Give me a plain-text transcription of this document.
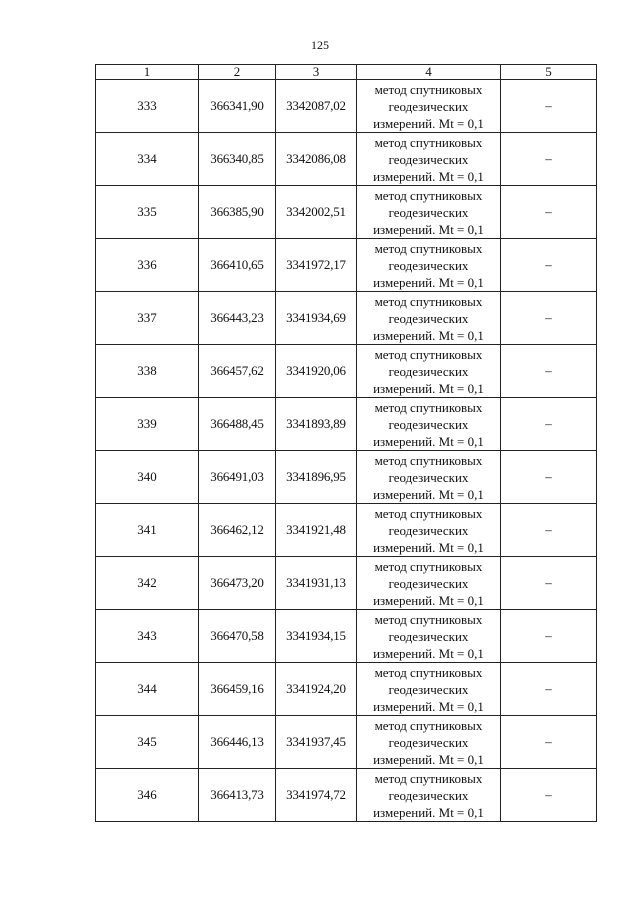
125
1	2	3	4	5
333	366341,90	3342087,02	метод спутниковых
геодезических
измерений. Mt = 0,1	–
334	366340,85	3342086,08	метод спутниковых
геодезических
измерений. Mt = 0,1	–
335	366385,90	3342002,51	метод спутниковых
геодезических
измерений. Mt = 0,1	–
336	366410,65	3341972,17	метод спутниковых
геодезических
измерений. Mt = 0,1	–
337	366443,23	3341934,69	метод спутниковых
геодезических
измерений. Mt = 0,1	–
338	366457,62	3341920,06	метод спутниковых
геодезических
измерений. Mt = 0,1	–
339	366488,45	3341893,89	метод спутниковых
геодезических
измерений. Mt = 0,1	–
340	366491,03	3341896,95	метод спутниковых
геодезических
измерений. Mt = 0,1	–
341	366462,12	3341921,48	метод спутниковых
геодезических
измерений. Mt = 0,1	–
342	366473,20	3341931,13	метод спутниковых
геодезических
измерений. Mt = 0,1	–
343	366470,58	3341934,15	метод спутниковых
геодезических
измерений. Mt = 0,1	–
344	366459,16	3341924,20	метод спутниковых
геодезических
измерений. Mt = 0,1	–
345	366446,13	3341937,45	метод спутниковых
геодезических
измерений. Mt = 0,1	–
346	366413,73	3341974,72	метод спутниковых
геодезических
измерений. Mt = 0,1	–
